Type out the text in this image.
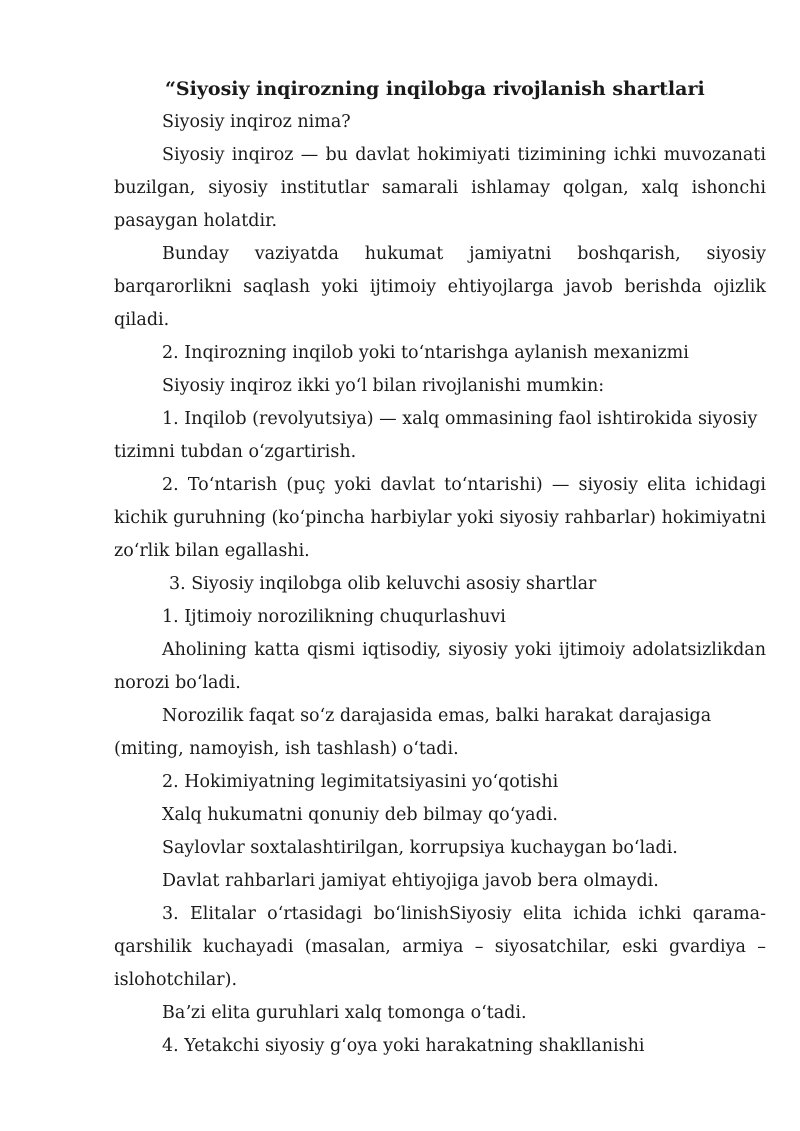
“Siyosiy inqirozning inqilobga rivojlanish shartlari

Siyosiy inqiroz nima?

Siyosiy inqiroz — bu davlat hokimiyati tizimining ichki muvozanati buzilgan, siyosiy institutlar samarali ishlamay qolgan, xalq ishonchi pasaygan holatdir.

Bunday vaziyatda hukumat jamiyatni boshqarish, siyosiy barqarorlikni saqlash yoki ijtimoiy ehtiyojlarga javob berishda ojizlik qiladi.

2. Inqirozning inqilob yoki toʻntarishga aylanish mexanizmi

Siyosiy inqiroz ikki yoʻl bilan rivojlanishi mumkin:

1. Inqilob (revolyutsiya) — xalq ommasining faol ishtirokida siyosiy tizimni tubdan oʻzgartirish.

2. Toʻntarish (puç yoki davlat toʻntarishi) — siyosiy elita ichidagi kichik guruhning (koʻpincha harbiylar yoki siyosiy rahbarlar) hokimiyatni zoʻrlik bilan egallashi.

3. Siyosiy inqilobga olib keluvchi asosiy shartlar

1. Ijtimoiy norozilikning chuqurlashuvi

Aholining katta qismi iqtisodiy, siyosiy yoki ijtimoiy adolatsizlikdan norozi boʻladi.

Norozilik faqat soʻz darajasida emas, balki harakat darajasiga (miting, namoyish, ish tashlash) oʻtadi.

2. Hokimiyatning legimitatsiyasini yoʻqotishi

Xalq hukumatni qonuniy deb bilmay qoʻyadi.

Saylovlar soxtalashtirilgan, korrupsiya kuchaygan boʻladi.

Davlat rahbarlari jamiyat ehtiyojiga javob bera olmaydi.

3. Elitalar oʻrtasidagi boʻlinishSiyosiy elita ichida ichki qarama-qarshilik kuchayadi (masalan, armiya – siyosatchilar, eski gvardiya – islohotchilar).

Baʼzi elita guruhlari xalq tomonga oʻtadi.

4. Yetakchi siyosiy gʻoya yoki harakatning shakllanishi
